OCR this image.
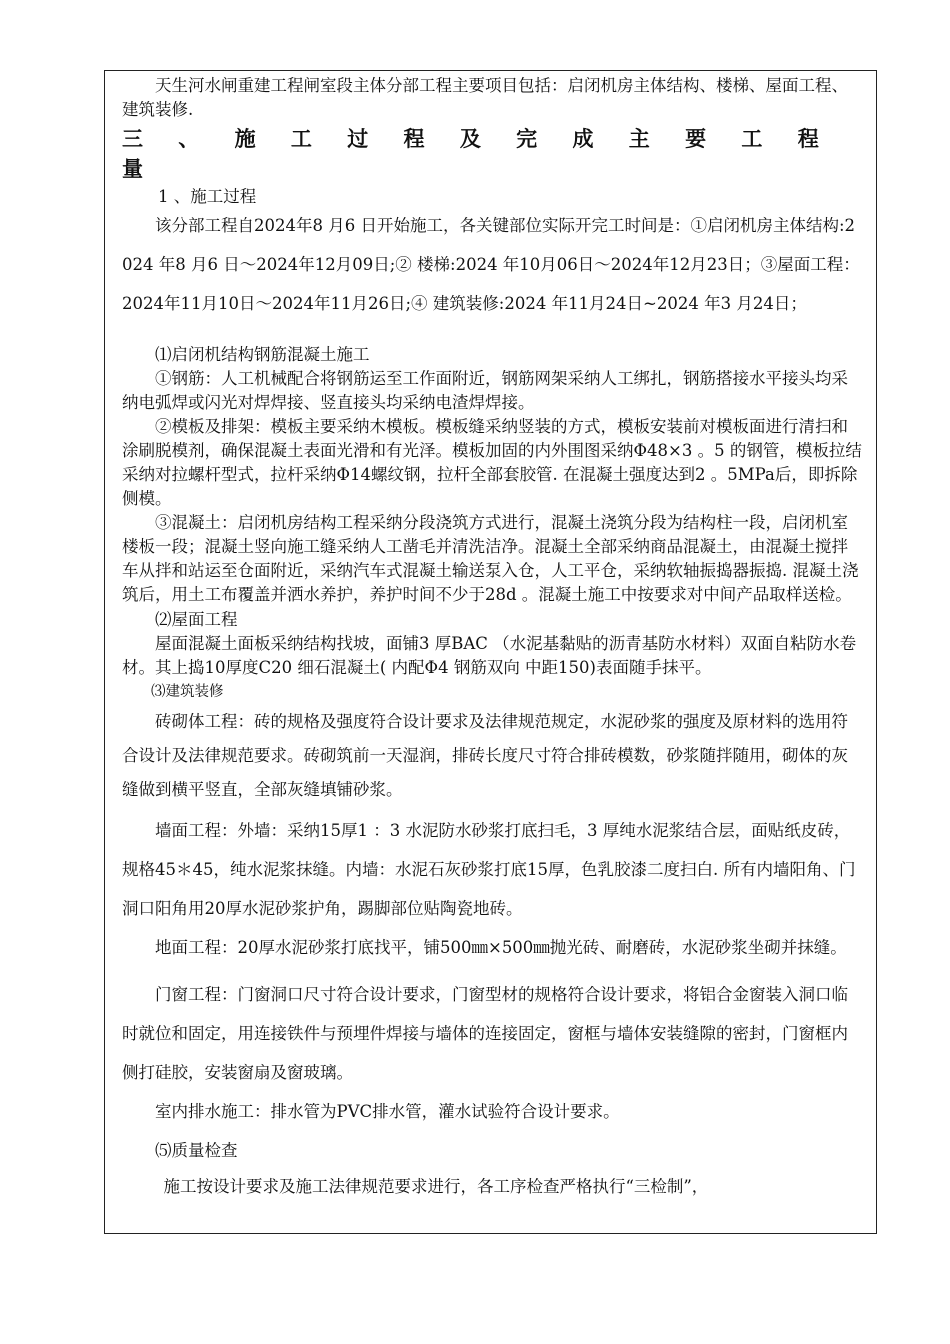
天生河水闸重建工程闸室段主体分部工程主要项目包括：启闭机房主体结构、楼梯、屋面工程、建筑装修.

三 、 施 工 过 程 及 完 成 主 要 工 程 量

1 、施工过程

该分部工程自2024年8 月6 日开始施工，各关键部位实际开完工时间是：①启闭机房主体结构:2024 年8 月6 日～2024年12月09日;② 楼梯:2024 年10月06日～2024年12月23日；③屋面工程：2024年11月10日～2024年11月26日;④ 建筑装修:2024 年11月24日~2024 年3 月24日；

⑴启闭机结构钢筋混凝土施工

①钢筋：人工机械配合将钢筋运至工作面附近，钢筋网架采纳人工绑扎，钢筋搭接水平接头均采纳电弧焊或闪光对焊焊接、竖直接头均采纳电渣焊焊接。

②模板及排架：模板主要采纳木模板。模板缝采纳竖装的方式，模板安装前对模板面进行清扫和涂刷脱模剂，确保混凝土表面光滑和有光泽。模板加固的内外围图采纳Φ48×3 。5 的钢管，模板拉结采纳对拉螺杆型式，拉杆采纳Φ14螺纹钢，拉杆全部套胶管. 在混凝土强度达到2 。5MPa后，即拆除侧模。

③混凝土：启闭机房结构工程采纳分段浇筑方式进行，混凝土浇筑分段为结构柱一段，启闭机室楼板一段；混凝土竖向施工缝采纳人工凿毛并清洗洁净。混凝土全部采纳商品混凝土，由混凝土搅拌车从拌和站运至仓面附近，采纳汽车式混凝土输送泵入仓，人工平仓，采纳软轴振捣器振捣. 混凝土浇筑后，用土工布覆盖并洒水养护，养护时间不少于28d 。混凝土施工中按要求对中间产品取样送检。

⑵屋面工程

屋面混凝土面板采纳结构找坡，面铺3 厚BAC （水泥基黏贴的沥青基防水材料）双面自粘防水卷材。其上捣10厚度C20 细石混凝土( 内配Φ4 钢筋双向 中距150)表面随手抹平。

⑶建筑装修

砖砌体工程：砖的规格及强度符合设计要求及法律规范规定，水泥砂浆的强度及原材料的选用符合设计及法律规范要求。砖砌筑前一天湿润，排砖长度尺寸符合排砖模数，砂浆随拌随用，砌体的灰缝做到横平竖直，全部灰缝填铺砂浆。

墙面工程：外墙：采纳15厚1 ：3 水泥防水砂浆打底扫毛，3 厚纯水泥浆结合层，面贴纸皮砖，规格45＊45，纯水泥浆抹缝。内墙：水泥石灰砂浆打底15厚，色乳胶漆二度扫白. 所有内墙阳角、门洞口阳角用20厚水泥砂浆护角，踢脚部位贴陶瓷地砖。

地面工程：20厚水泥砂浆打底找平，铺500㎜×500㎜抛光砖、耐磨砖，水泥砂浆坐砌并抹缝。

门窗工程：门窗洞口尺寸符合设计要求，门窗型材的规格符合设计要求，将铝合金窗装入洞口临时就位和固定，用连接铁件与预埋件焊接与墙体的连接固定，窗框与墙体安装缝隙的密封，门窗框内侧打硅胶，安装窗扇及窗玻璃。

室内排水施工：排水管为PVC排水管，灌水试验符合设计要求。

⑸质量检查

施工按设计要求及施工法律规范要求进行，各工序检查严格执行“三检制”，
